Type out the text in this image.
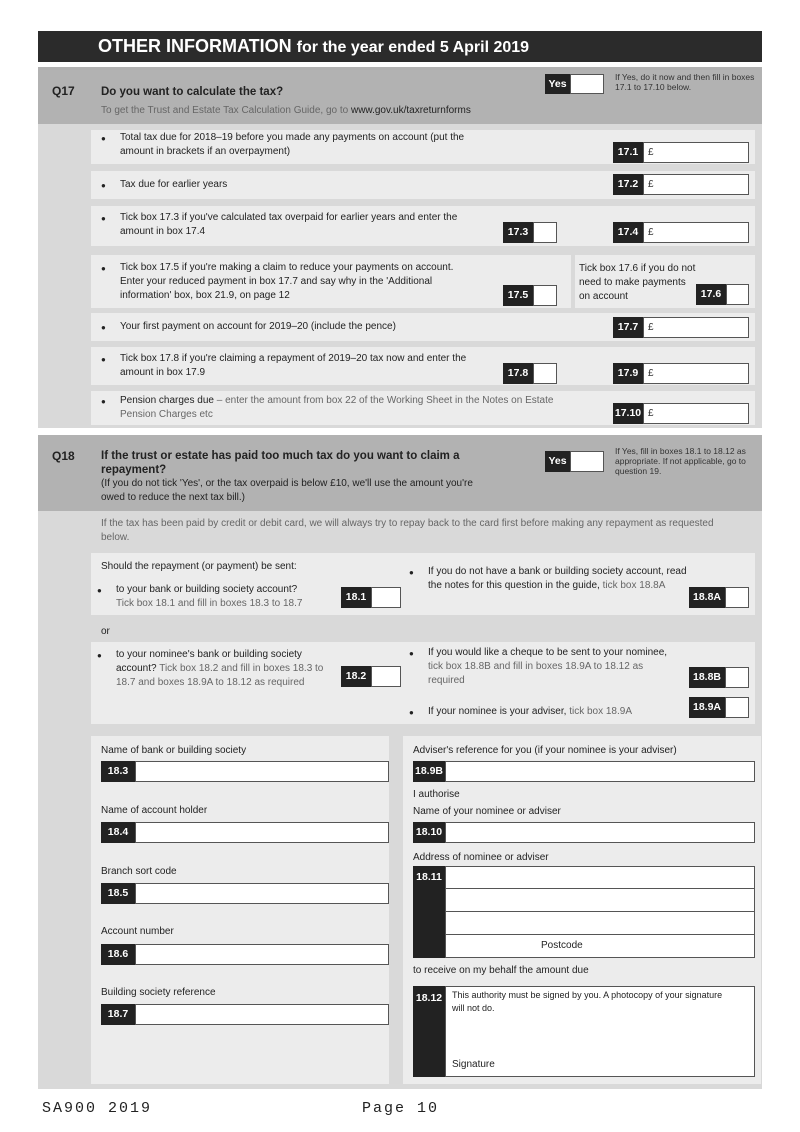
OTHER INFORMATION for the year ended 5 April 2019
Q17 Do you want to calculate the tax?
To get the Trust and Estate Tax Calculation Guide, go to www.gov.uk/taxreturnforms
Yes
If Yes, do it now and then fill in boxes 17.1 to 17.10 below.
● Total tax due for 2018–19 before you made any payments on account (put the amount in brackets if an overpayment)	17.1 £
● Tax due for earlier years	17.2 £
● Tick box 17.3 if you've calculated tax overpaid for earlier years and enter the amount in box 17.4	17.3	17.4 £
● Tick box 17.5 if you're making a claim to reduce your payments on account. Enter your reduced payment in box 17.7 and say why in the 'Additional information' box, box 21.9, on page 12	17.5
Tick box 17.6 if you do not need to make payments on account	17.6
● Your first payment on account for 2019–20 (include the pence)	17.7 £
● Tick box 17.8 if you're claiming a repayment of 2019–20 tax now and enter the amount in box 17.9	17.8	17.9 £
● Pension charges due – enter the amount from box 22 of the Working Sheet in the Notes on Estate Pension Charges etc	17.10 £
Q18 If the trust or estate has paid too much tax do you want to claim a repayment?
(If you do not tick 'Yes', or the tax overpaid is below £10, we'll use the amount you're owed to reduce the next tax bill.)
Yes
If Yes, fill in boxes 18.1 to 18.12 as appropriate. If not applicable, go to question 19.
If the tax has been paid by credit or debit card, we will always try to repay back to the card first before making any repayment as requested below.
Should the repayment (or payment) be sent:
● to your bank or building society account?
Tick box 18.1 and fill in boxes 18.3 to 18.7
18.1
● If you do not have a bank or building society account, read the notes for this question in the guide, tick box 18.8A
18.8A
or
● to your nominee's bank or building society account? Tick box 18.2 and fill in boxes 18.3 to 18.7 and boxes 18.9A to 18.12 as required
18.2
● If you would like a cheque to be sent to your nominee, tick box 18.8B and fill in boxes 18.9A to 18.12 as required	18.8B
● If your nominee is your adviser, tick box 18.9A	18.9A
Name of bank or building society
18.3
Name of account holder
18.4
Branch sort code
18.5
Account number
18.6
Building society reference
18.7
Adviser's reference for you (if your nominee is your adviser)
18.9B
I authorise
Name of your nominee or adviser
18.10
Address of nominee or adviser
18.11
Postcode
to receive on my behalf the amount due
18.12	This authority must be signed by you. A photocopy of your signature will not do.
Signature
SA900 2019	Page 10
